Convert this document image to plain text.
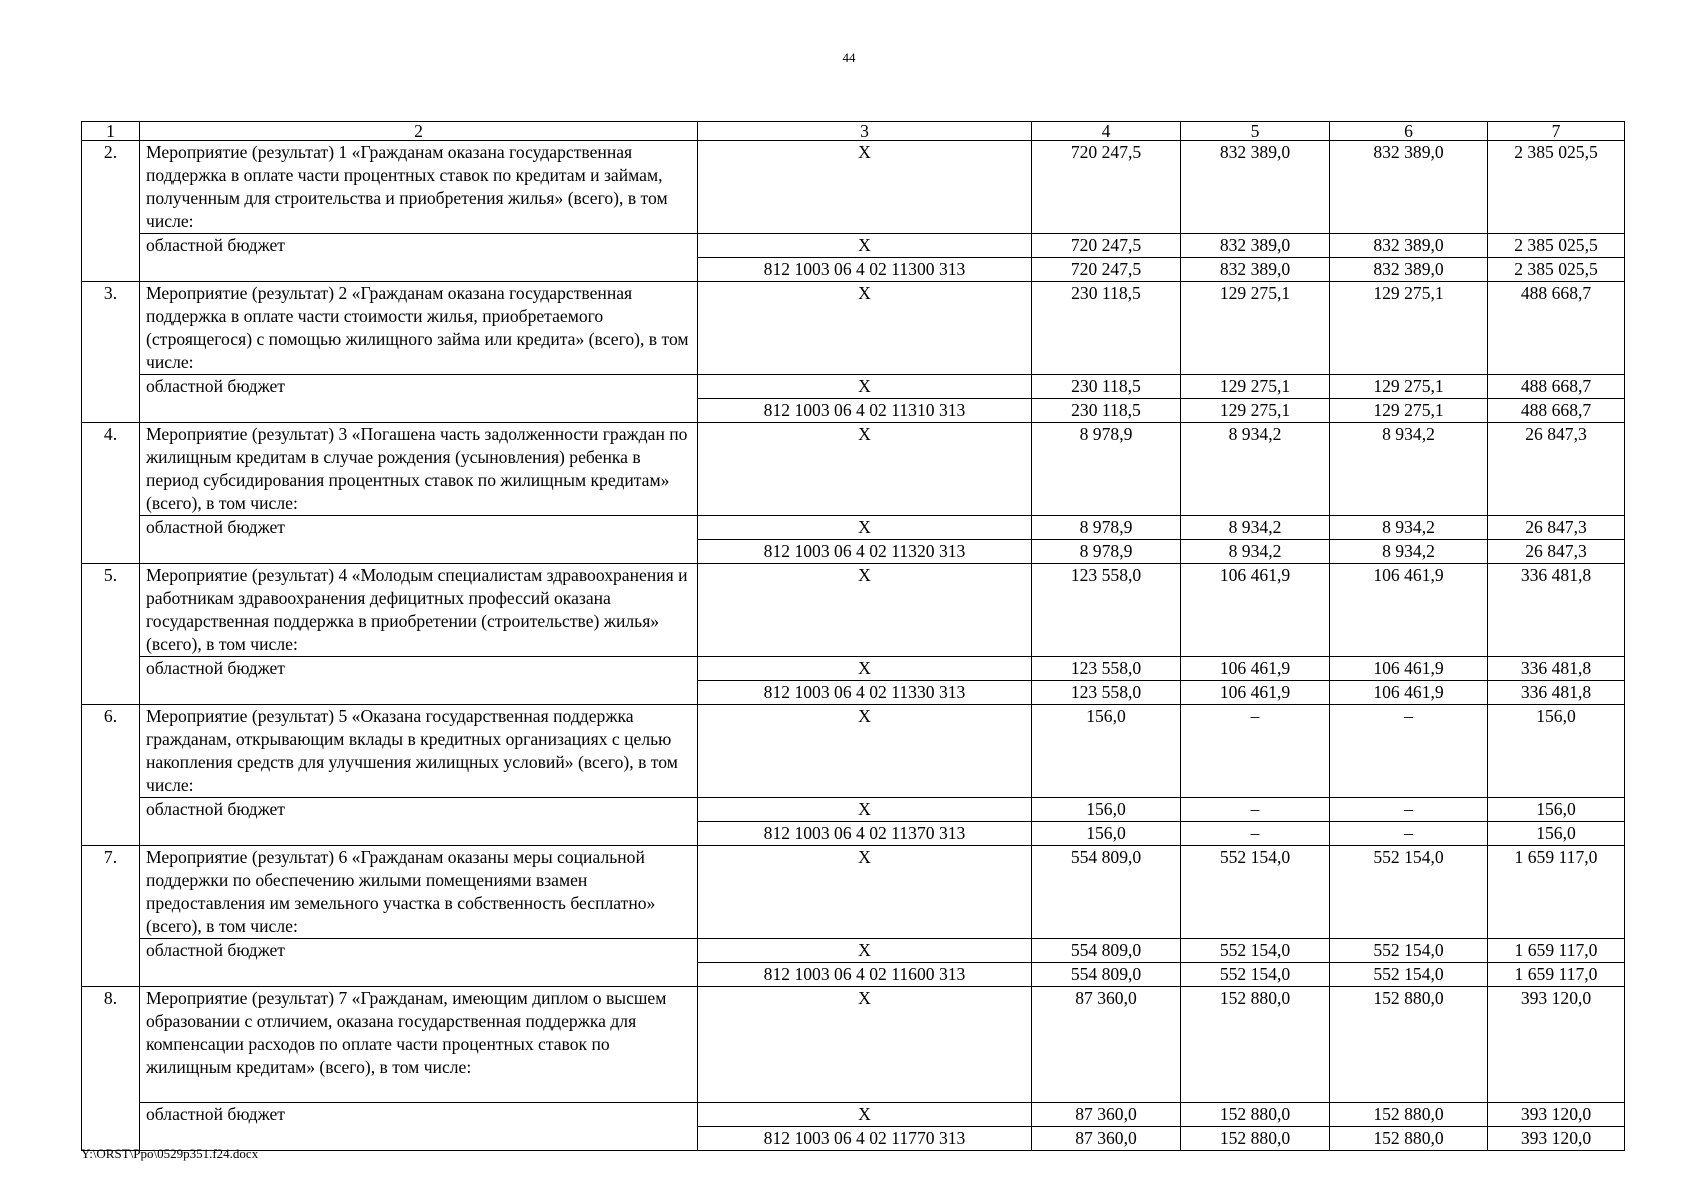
44
1	2	3	4	5	6	7
2.	Мероприятие (результат) 1 «Гражданам оказана государственная поддержка в оплате части процентных ставок по кредитам и займам, полученным для строительства и приобретения жилья» (всего), в том числе:	X	720 247,5	832 389,0	832 389,0	2 385 025,5
	областной бюджет	X	720 247,5	832 389,0	832 389,0	2 385 025,5
		812 1003 06 4 02 11300 313	720 247,5	832 389,0	832 389,0	2 385 025,5
3.	Мероприятие (результат) 2 «Гражданам оказана государственная поддержка в оплате части стоимости жилья, приобретаемого (строящегося) с помощью жилищного займа или кредита» (всего), в том числе:	X	230 118,5	129 275,1	129 275,1	488 668,7
	областной бюджет	X	230 118,5	129 275,1	129 275,1	488 668,7
		812 1003 06 4 02 11310 313	230 118,5	129 275,1	129 275,1	488 668,7
4.	Мероприятие (результат) 3 «Погашена часть задолженности граждан по жилищным кредитам в случае рождения (усыновления) ребенка в период субсидирования процентных ставок по жилищным кредитам» (всего), в том числе:	X	8 978,9	8 934,2	8 934,2	26 847,3
	областной бюджет	X	8 978,9	8 934,2	8 934,2	26 847,3
		812 1003 06 4 02 11320 313	8 978,9	8 934,2	8 934,2	26 847,3
5.	Мероприятие (результат) 4 «Молодым специалистам здравоохранения и работникам здравоохранения дефицитных профессий оказана государственная поддержка в приобретении (строительстве) жилья» (всего), в том числе:	X	123 558,0	106 461,9	106 461,9	336 481,8
	областной бюджет	X	123 558,0	106 461,9	106 461,9	336 481,8
		812 1003 06 4 02 11330 313	123 558,0	106 461,9	106 461,9	336 481,8
6.	Мероприятие (результат) 5 «Оказана государственная поддержка гражданам, открывающим вклады в кредитных организациях с целью накопления средств для улучшения жилищных условий» (всего), в том числе:	X	156,0	–	–	156,0
	областной бюджет	X	156,0	–	–	156,0
		812 1003 06 4 02 11370 313	156,0	–	–	156,0
7.	Мероприятие (результат) 6 «Гражданам оказаны меры социальной поддержки по обеспечению жилыми помещениями взамен предоставления им земельного участка в собственность бесплатно» (всего), в том числе:	X	554 809,0	552 154,0	552 154,0	1 659 117,0
	областной бюджет	X	554 809,0	552 154,0	552 154,0	1 659 117,0
		812 1003 06 4 02 11600 313	554 809,0	552 154,0	552 154,0	1 659 117,0
8.	Мероприятие (результат) 7 «Гражданам, имеющим диплом о высшем образовании с отличием, оказана государственная поддержка для компенсации расходов по оплате части процентных ставок по жилищным кредитам» (всего), в том числе:	X	87 360,0	152 880,0	152 880,0	393 120,0
	областной бюджет	X	87 360,0	152 880,0	152 880,0	393 120,0
		812 1003 06 4 02 11770 313	87 360,0	152 880,0	152 880,0	393 120,0
Y:\ORST\Ppo\0529p351.f24.docx
